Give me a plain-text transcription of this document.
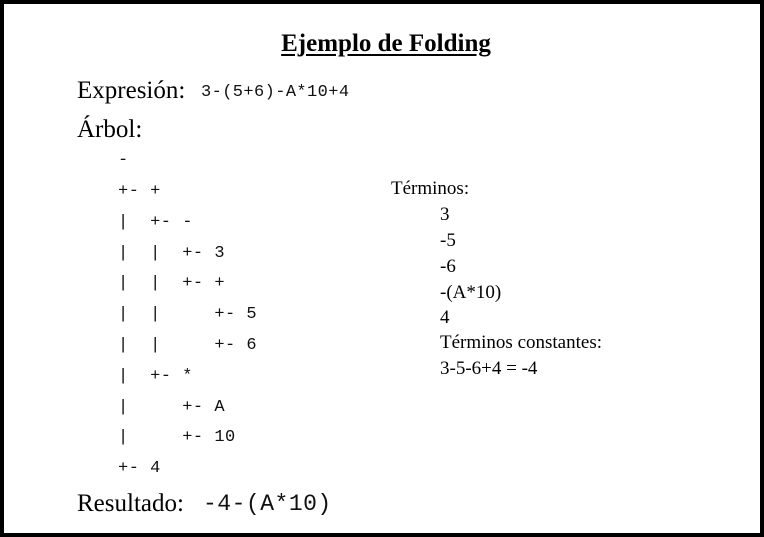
Ejemplo de Folding
Expresión: 3-(5+6)-A*10+4
Árbol:
-
+- +
|  +- -
|  |  +- 3
|  |  +- +
|  |     +- 5
|  |     +- 6
|  +- *
|     +- A
|     +- 10
+- 4
Términos:
3
-5
-6
-(A*10)
4
Términos constantes:
3-5-6+4 = -4
Resultado: -4-(A*10)
